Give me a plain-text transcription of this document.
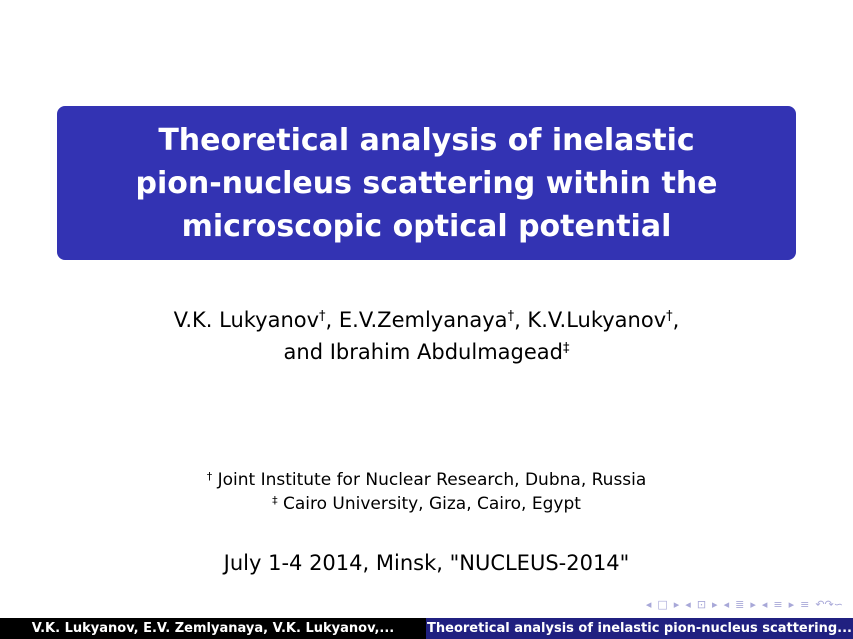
Theoretical analysis of inelastic
pion-nucleus scattering within the
microscopic optical potential
V.K. Lukyanov†, E.V.Zemlyanaya†, K.V.Lukyanov†,
and Ibrahim Abdulmagead‡
† Joint Institute for Nuclear Research, Dubna, Russia
‡ Cairo University, Giza, Cairo, Egypt
July 1-4 2014, Minsk, "NUCLEUS-2014"
◂ □ ▸ ◂ ⊡ ▸ ◂ ≣ ▸ ◂ ≡ ▸ ≡ ↶↷∽
V.K. Lukyanov, E.V. Zemlyanaya, V.K. Lukyanov,...	Theoretical analysis of inelastic pion-nucleus scattering...
